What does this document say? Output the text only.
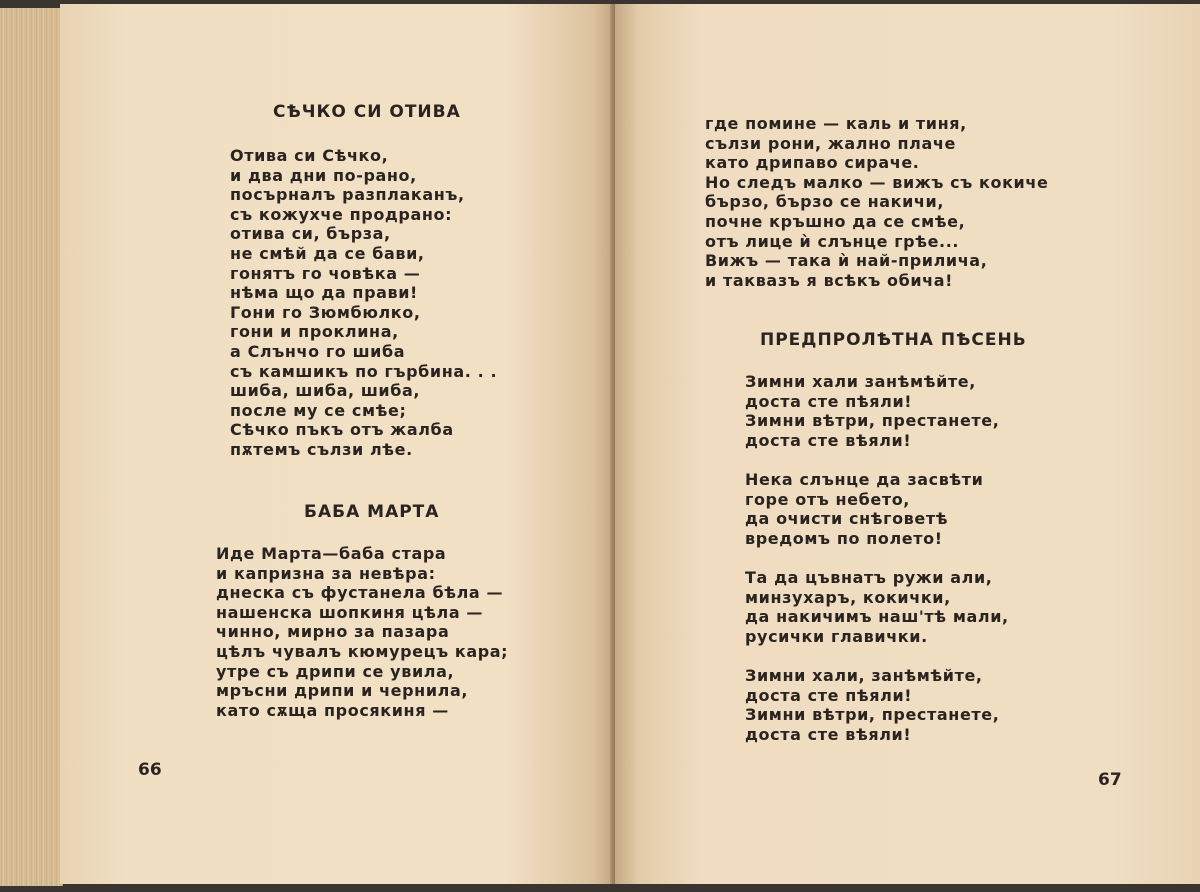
СѢЧКО СИ ОТИВА
Отива си Сѣчко,
и два дни по-рано,
посърналъ разплаканъ,
съ кожухче продрано:
отива си, бърза,
не смѣй да се бави,
гонятъ го човѣка —
нѣма що да прави!
Гони го Зюмбюлко,
гони и проклина,
а Слънчо го шиба
съ камшикъ по гърбина. . .
шиба, шиба, шиба,
после му се смѣе;
Сѣчко пъкъ отъ жалба
пѫтемъ сълзи лѣе.
БАБА МАРТА
Иде Марта—баба стара
и капризна за невѣра:
днеска съ фустанела бѣла —
нашенска шопкиня цѣла —
чинно, мирно за пазара
цѣлъ чувалъ кюмурецъ кара;
утре съ дрипи се увила,
мръсни дрипи и чернила,
като сѫща просякиня —
66
где помине — каль и тиня,
сълзи рони, жално плаче
като дрипаво сираче.
Но следъ малко — вижъ съ кокиче
бързо, бързо се накичи,
почне кръшно да се смѣе,
отъ лице ѝ слънце грѣе...
Вижъ — така ѝ най-прилича,
и таквазъ я всѣкъ обича!
ПРЕДПРОЛѢТНА ПѢСЕНЬ
Зимни хали занѣмѣйте,
доста сте пѣяли!
Зимни вѣтри, престанете,
доста сте вѣяли!
Нека слънце да засвѣти
горе отъ небето,
да очисти снѣговетѣ
вредомъ по полето!
Та да цъвнатъ ружи али,
минзухаръ, кокички,
да накичимъ наш'тѣ мали,
русички главички.
Зимни хали, занѣмѣйте,
доста сте пѣяли!
Зимни вѣтри, престанете,
доста сте вѣяли!
67
